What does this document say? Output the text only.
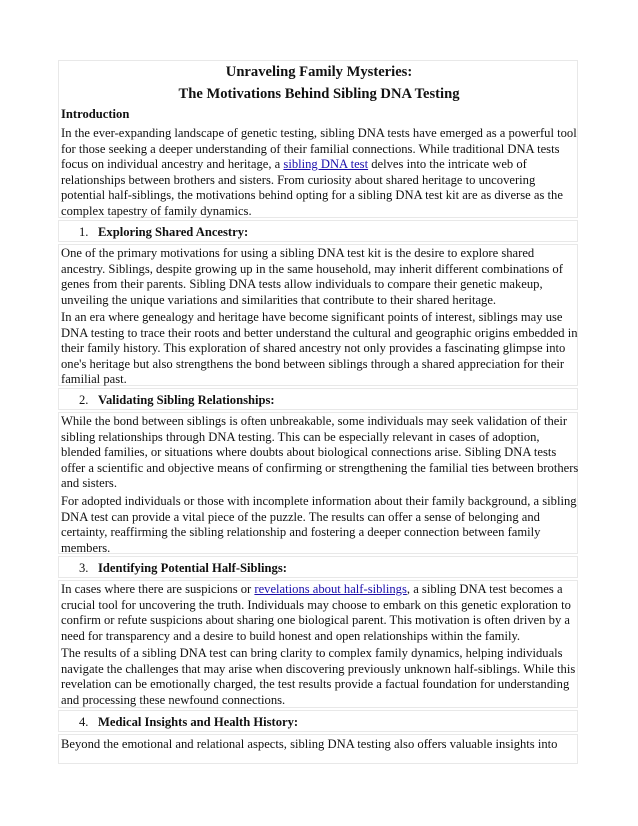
Unraveling Family Mysteries:

The Motivations Behind Sibling DNA Testing

Introduction

In the ever-expanding landscape of genetic testing, sibling DNA tests have emerged as a powerful tool

for those seeking a deeper understanding of their familial connections. While traditional DNA tests

focus on individual ancestry and heritage, a sibling DNA test delves into the intricate web of

relationships between brothers and sisters. From curiosity about shared heritage to uncovering

potential half-siblings, the motivations behind opting for a sibling DNA test kit are as diverse as the

complex tapestry of family dynamics.

1. Exploring Shared Ancestry:

One of the primary motivations for using a sibling DNA test kit is the desire to explore shared

ancestry. Siblings, despite growing up in the same household, may inherit different combinations of

genes from their parents. Sibling DNA tests allow individuals to compare their genetic makeup,

unveiling the unique variations and similarities that contribute to their shared heritage.

In an era where genealogy and heritage have become significant points of interest, siblings may use

DNA testing to trace their roots and better understand the cultural and geographic origins embedded in

their family history. This exploration of shared ancestry not only provides a fascinating glimpse into

one's heritage but also strengthens the bond between siblings through a shared appreciation for their

familial past.

2. Validating Sibling Relationships:

While the bond between siblings is often unbreakable, some individuals may seek validation of their

sibling relationships through DNA testing. This can be especially relevant in cases of adoption,

blended families, or situations where doubts about biological connections arise. Sibling DNA tests

offer a scientific and objective means of confirming or strengthening the familial ties between brothers

and sisters.

For adopted individuals or those with incomplete information about their family background, a sibling

DNA test can provide a vital piece of the puzzle. The results can offer a sense of belonging and

certainty, reaffirming the sibling relationship and fostering a deeper connection between family

members.

3. Identifying Potential Half-Siblings:

In cases where there are suspicions or revelations about half-siblings, a sibling DNA test becomes a

crucial tool for uncovering the truth. Individuals may choose to embark on this genetic exploration to

confirm or refute suspicions about sharing one biological parent. This motivation is often driven by a

need for transparency and a desire to build honest and open relationships within the family.

The results of a sibling DNA test can bring clarity to complex family dynamics, helping individuals

navigate the challenges that may arise when discovering previously unknown half-siblings. While this

revelation can be emotionally charged, the test results provide a factual foundation for understanding

and processing these newfound connections.

4. Medical Insights and Health History:

Beyond the emotional and relational aspects, sibling DNA testing also offers valuable insights into
